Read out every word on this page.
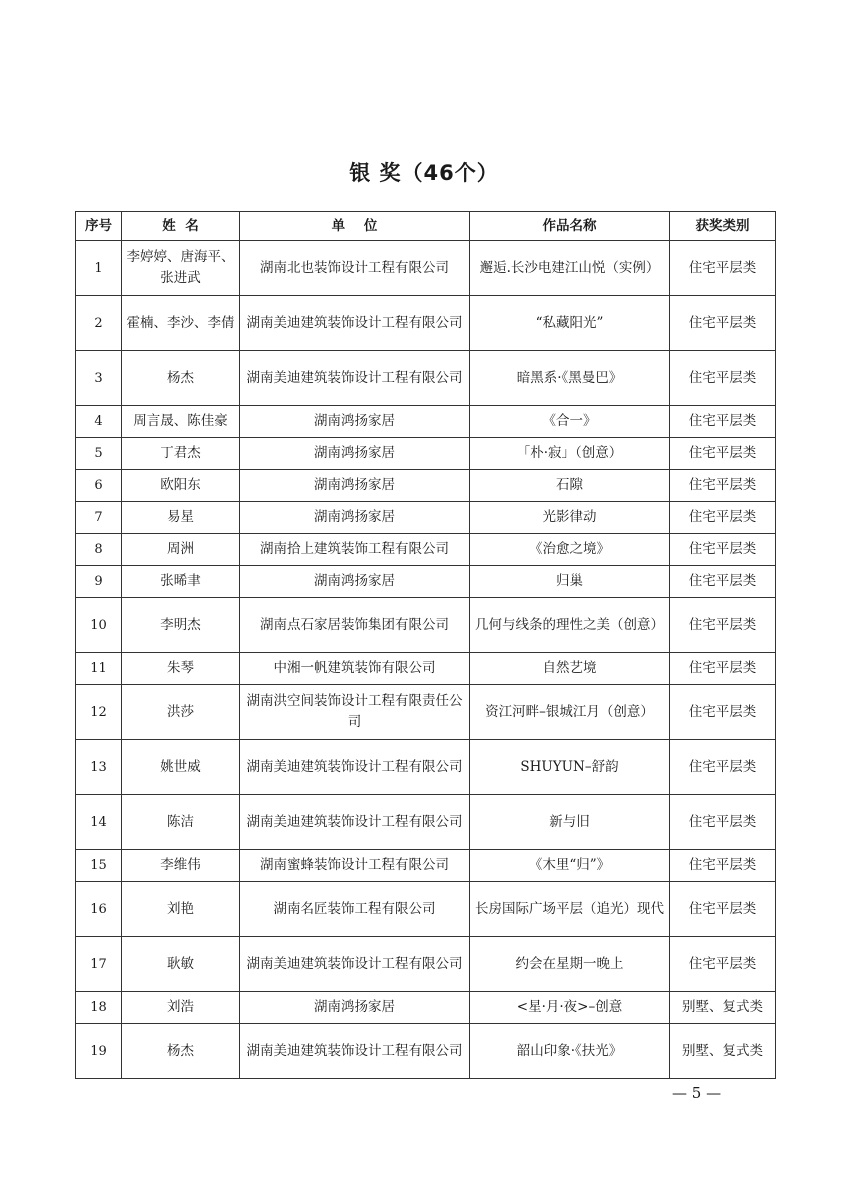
银 奖（46个）
序号	姓  名	单    位	作品名称	获奖类别
1	李婷婷、唐海平、张进武	湖南北也装饰设计工程有限公司	邂逅.长沙电建江山悦（实例）	住宅平层类
2	霍楠、李沙、李倩	湖南美迪建筑装饰设计工程有限公司	“私藏阳光”	住宅平层类
3	杨杰	湖南美迪建筑装饰设计工程有限公司	暗黑系·《黑曼巴》	住宅平层类
4	周言晟、陈佳豪	湖南鸿扬家居	《合一》	住宅平层类
5	丁君杰	湖南鸿扬家居	「朴·寂」（创意）	住宅平层类
6	欧阳东	湖南鸿扬家居	石隙	住宅平层类
7	易星	湖南鸿扬家居	光影律动	住宅平层类
8	周洲	湖南拾上建筑装饰工程有限公司	《治愈之境》	住宅平层类
9	张晞聿	湖南鸿扬家居	归巢	住宅平层类
10	李明杰	湖南点石家居装饰集团有限公司	几何与线条的理性之美（创意）	住宅平层类
11	朱琴	中湘一帆建筑装饰有限公司	自然艺境	住宅平层类
12	洪莎	湖南洪空间装饰设计工程有限责任公司	资江河畔–银城江月（创意）	住宅平层类
13	姚世威	湖南美迪建筑装饰设计工程有限公司	SHUYUN–舒韵	住宅平层类
14	陈洁	湖南美迪建筑装饰设计工程有限公司	新与旧	住宅平层类
15	李维伟	湖南蜜蜂装饰设计工程有限公司	《木里“归”》	住宅平层类
16	刘艳	湖南名匠装饰工程有限公司	长房国际广场平层（追光）现代	住宅平层类
17	耿敏	湖南美迪建筑装饰设计工程有限公司	约会在星期一晚上	住宅平层类
18	刘浩	湖南鸿扬家居	<星·月·夜>–创意	别墅、复式类
19	杨杰	湖南美迪建筑装饰设计工程有限公司	韶山印象·《扶光》	别墅、复式类
— 5 —
